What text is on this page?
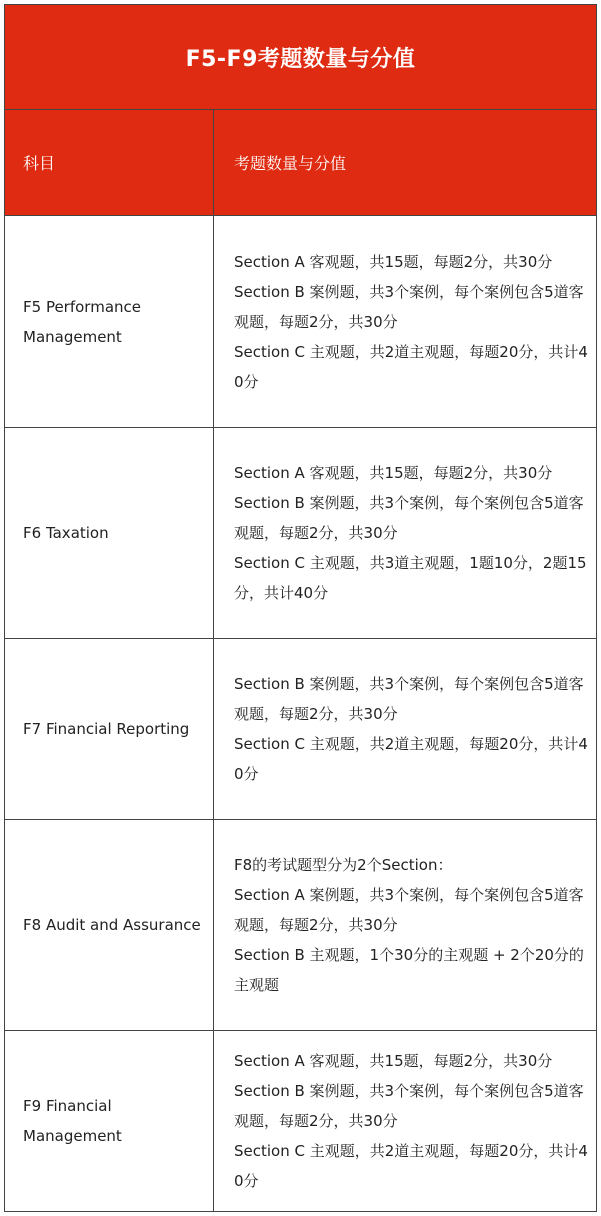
F5-F9考题数量与分值
科目	考题数量与分值
F5 Performance Management
Section A 客观题，共15题，每题2分，共30分
Section B 案例题，共3个案例，每个案例包含5道客观题，每题2分，共30分
Section C 主观题，共2道主观题，每题20分，共计40分
F6 Taxation
Section A 客观题，共15题，每题2分，共30分
Section B 案例题，共3个案例，每个案例包含5道客观题，每题2分，共30分
Section C 主观题，共3道主观题，1题10分，2题15分，共计40分
F7 Financial Reporting
Section B 案例题，共3个案例，每个案例包含5道客观题，每题2分，共30分
Section C 主观题，共2道主观题，每题20分，共计40分
F8 Audit and Assurance
F8的考试题型分为2个Section：
Section A 案例题，共3个案例，每个案例包含5道客观题，每题2分，共30分
Section B 主观题，1个30分的主观题 + 2个20分的主观题
F9 Financial Management
Section A 客观题，共15题，每题2分，共30分
Section B 案例题，共3个案例，每个案例包含5道客观题，每题2分，共30分
Section C 主观题，共2道主观题，每题20分，共计40分
